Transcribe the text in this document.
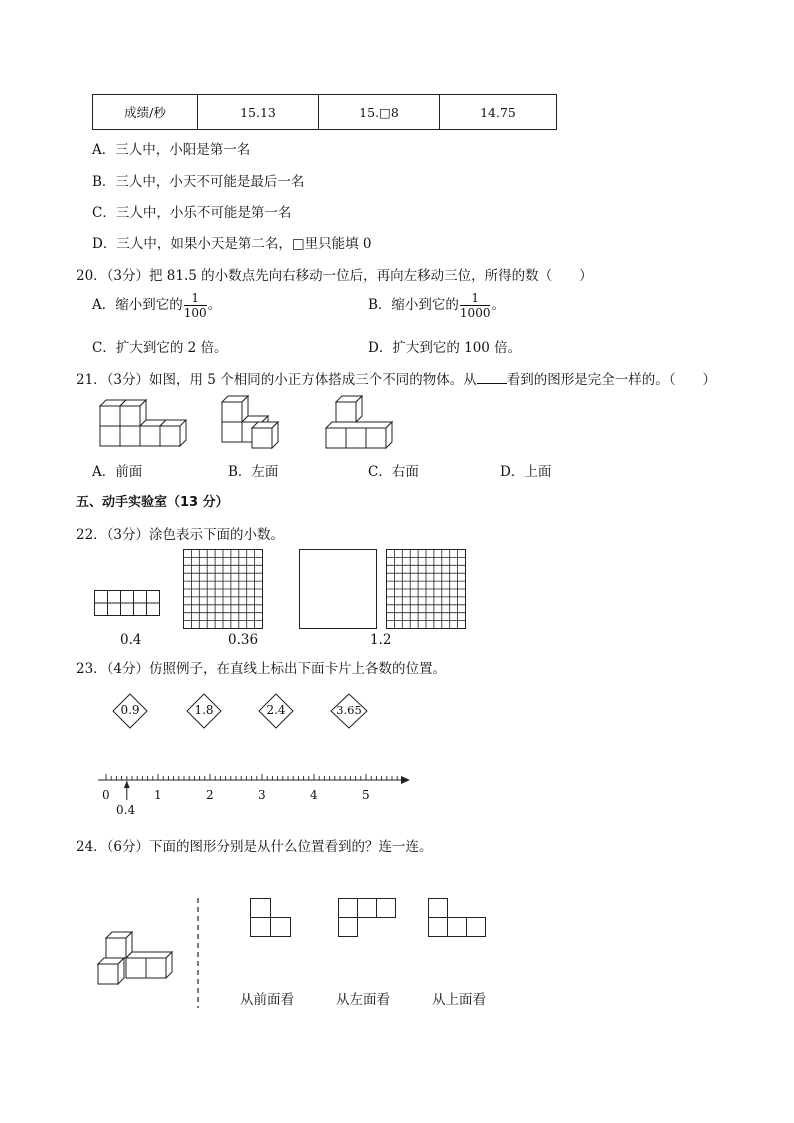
成绩/秒	15.13	15.□8	14.75
A．三人中，小阳是第一名
B．三人中，小天不可能是最后一名
C．三人中，小乐不可能是第一名
D．三人中，如果小天是第二名，□里只能填 0
20．（3分）把 81.5 的小数点先向右移动一位后，再向左移动三位，所得的数（　　）
A．缩小到它的 $\frac{1}{100}$ 。	B．缩小到它的 $\frac{1}{1000}$ 。
C．扩大到它的 2 倍。	D．扩大到它的 100 倍。
21．（3分）如图，用 5 个相同的小正方体搭成三个不同的物体。从 看到的图形是完全一样的。（　　）
A．前面	B．左面	C．右面	D．上面
五、动手实验室（13 分）
22．（3分）涂色表示下面的小数。
0.4	0.36	1.2
23．（4分）仿照例子，在直线上标出下面卡片上各数的位置。
0.9	1.8	2.4	3.65
0	1	2	3	4	5
0.4
24．（6分）下面的图形分别是从什么位置看到的？连一连。
从前面看	从左面看	从上面看
